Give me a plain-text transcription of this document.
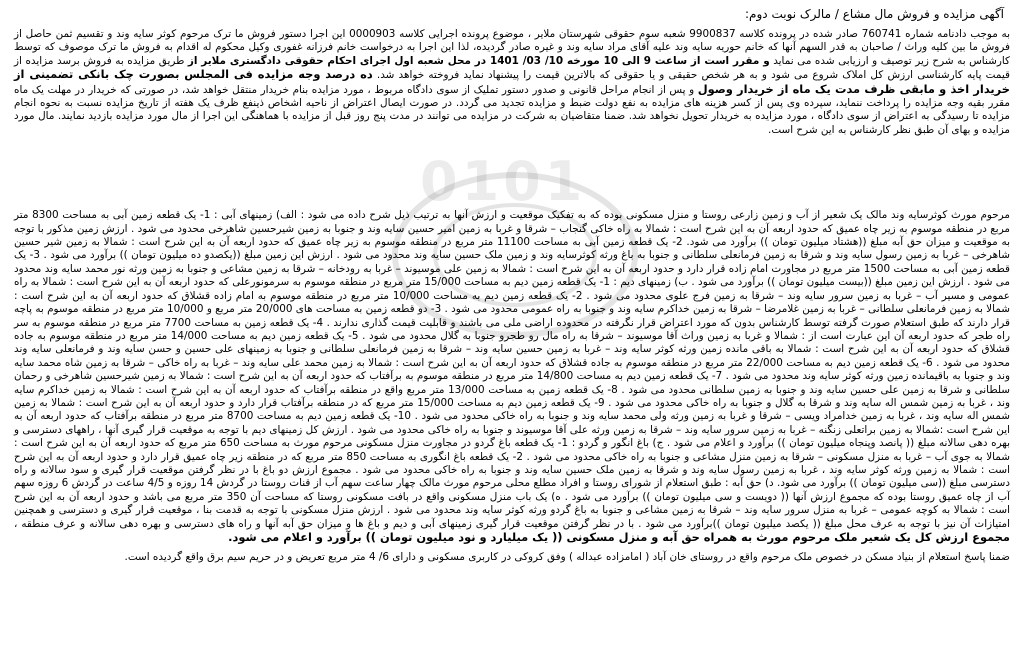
آگهی مزایده و فروش مال مشاع / مالرک نوبت دوم:

به موجب دادنامه شماره 760741 صادر شده در پرونده کلاسه 9900837 شعبه سوم حقوقی شهرستان ملایر ، موضوع پرونده اجرایی کلاسه 0000903 این اجرا دستور فروش ما ترک مرحوم کوثر سایه وند و تقسیم ثمن حاصل از فروش ما بین کلیه وراث / صاحبان به قدر السهم آنها که خانم حوریه سایه وند علیه آقای مراد سایه وند و غیره صادر گردیده، لذا این اجرا به درخواست خانم فرزانه غفوری وکیل محکوم له اقدام به فروش ما ترک موصوف که توسط کارشناس به شرح زیر توصیف و ارزیابی شده می نماید و مقرر است از ساعت 9 الی 10 مورخه 10/ 03/ 1401 در محل شعبه اول اجرای احکام حقوقی دادگستری ملایر از طریق مزایده به فروش برسد مزایده از قیمت پایه کارشناسی ارزش کل املاک شروع می شود و به هر شخص حقیقی و یا حقوقی که بالاترین قیمت را پیشنهاد نماید فروخته خواهد شد. ده درصد وجه مزایده فی المجلس بصورت چک بانکی تضمینی از خریدار اخذ و مابقی ظرف مدت یک ماه از خریدار وصول و پس از انجام مراحل قانونی و صدور دستور تملیک از سوی دادگاه مربوط ، مورد مزایده بنام خریدار منتقل خواهد شد، در صورتی که خریدار در مهلت یک ماه مقرر بقیه وجه مزایده را پرداخت ننماید، سپرده وی پس از کسر هزینه های مزایده به نفع دولت ضبط و مزایده تجدید می گردد. در صورت ایصال اعتراض از ناحیه اشخاص ذینفع ظرف یک هفته از تاریخ مزایده نسبت به نحوه انجام مزایده تا رسیدگی به اعتراض از سوی دادگاه ، مورد مزایده به خریدار تحویل نخواهد شد. ضمنا متقاضیان به شرکت در مزایده می توانند در مدت پنج روز قبل از مزایده با هماهنگی این اجرا از مال مورد مزایده بازدید نمایند. مال مورد مزایده و بهای آن طبق نظر کارشناس به این شرح است.

مرحوم مورث کوثرسایه وند مالک یک شعیر از آب و زمین زارعی روستا و منزل مسکونی بوده که به تفکیک موقعیت و ارزش آنها به ترتیب ذیل شرح داده می شود : الف) زمینهای آبی : 1- یک قطعه زمین آبی به مساحت 8300 متر مربع در منطقه موسوم به زیر چاه عمیق که حدود اربعه آن به این شرح است : شمالا به راه خاکی گنجاب – شرقا و غربا به زمین امیر حسین سایه وند و جنوبا به زمین شیرحسین شاهرخی محدود می شود . ارزش زمین مذکور با توجه به موقعیت و میزان حق آبه مبلغ ((هشتاد میلیون تومان )) برآورد می شود. 2- یک قطعه زمین آبی به مساحت 11100 متر مربع در منطقه موسوم به زیر چاه عمیق که حدود اربعه آن به این شرح است : شمالا به زمین شیر حسین شاهرخی – غربا به زمین رسول سایه وند و شرقا به زمین فرمانعلی سلطانی و جنوبا به باغ ورثه کوثرسایه وند و زمین ملک حسین سایه وند محدود می شود . ارزش این زمین مبلغ ((یکصدو ده میلیون تومان )) برآورد می شود . 3- یک قطعه زمین آبی به مساحت 1500 متر مربع در مجاورت امام زاده قرار دارد و حدود اربعه آن به این شرح است : شمالا به زمین علی موسیوند – غربا به رودخانه – شرقا به زمین مشاعی و جنوبا به زمین ورثه نور محمد سایه وند محدود می شود . ارزش این زمین مبلغ ((بیست میلیون تومان )) برآورد می شود . ب) زمینهای دیم : 1- یک قطعه زمین دیم به مساحت 15/000 متر مربع در منطقه موسوم به سرمونورعلی که حدود اربعه آن به این شرح است : شمالا به راه عمومی و مسیر آب – غربا به زمین سرور سایه وند – شرقا به زمین فرج علوی محدود می شود . 2- یک قطعه زمین دیم به مساحت 10/000 متر مربع در منطقه موسوم به امام زاده قشلاق که حدود اربعه آن به این شرح است : شمالا به زمین فرمانعلی سلطانی – غربا به زمین غلامرضا – شرقا به زمین خداکرم سایه وند و جنوبا به راه عمومی محدود می شود . 3- دو قطعه زمین به مساحت های 20/000 متر مربع و 10/000 متر مربع در منطقه موسوم به پاچه قرار دارند که طبق استعلام صورت گرفته توسط کارشناس بدون که مورد اعتراض قرار نگرفته در محدوده اراضی ملی می باشند و قابلیت قیمت گذاری ندارند . 4- یک قطعه زمین به مساحت 7700 متر مربع در منطقه موسوم به سر راه طجر که حدود اربعه آن این عبارت است از : شمالا و غربا به زمین وراث آقا موسیوند – شرقا به راه مال رو طجرو جنوبا به گلال محدود می شود . 5- یک قطعه زمین دیم به مساحت 14/000 متر مربع در منطقه موسوم به جاده قشلاق که حدود اربعه آن به این شرح است : شمالا به باقی مانده زمین ورثه کوثر سایه وند – غربا به زمین حسین سایه وند – شرقا به زمین فرمانعلی سلطانی و جنوبا به زمینهای علی حسین و حسن سایه وند و فرمانعلی سایه وند محدود می شود . 6- یک قطعه زمین دیم به مساحت 22/000 متر مربع در منطقه موسوم به جاده قشلاق که حدود اربعه آن به این شرح است : شمالا به زمین محمد علی سایه وند – غربا به راه خاکی – شرقا به زمین شاه محمد سایه وند و جنوبا به باقیمانده زمین ورثه کوثر سایه وند محدود می شود . 7- یک قطعه زمین دیم به مساحت 14/800 متر مربع در منطقه موسوم به برآفتاب که حدود اربعه آن به این شرح است : شمالا به زمین شیرحسین شاهرخی و رحمان سلطانی و شرقا به زمین علی حسین سایه وند و جنوبا به زمین سلطانی محدود می شود . 8- یک قطعه زمین به مساحت 13/000 متر مربع واقع در منطقه برآفتاب که حدود اربعه آن به این شرح است : شمالا به زمین خداکرم سایه وند ، غربا به زمین شمس اله سایه وند و شرقا به گلال و جنوبا به راه خاکی محدود می شود . 9- یک قطعه زمین دیم به مساحت 15/000 متر مربع که در منطقه برآفتاب قرار دارد و حدود اربعه آن به این شرح است : شمالا به زمین شمس اله سایه وند ، غربا به زمین خدامراد ویسی – شرقا و غربا به زمین ورثه ولی محمد سایه وند و جنوبا به راه خاکی محدود می شود . 10- یک قطعه زمین دیم به مساحت 8700 متر مربع در منطقه برآفتاب که حدود اربعه آن به این شرح است :شمالا به زمین براتعلی زنگنه – غربا به زمین سرور سایه وند – شرقا به زمین ورثه علی آقا موسیوند و جنوبا به راه خاکی محدود می شود . ارزش کل زمینهای دیم با توجه به موقعیت قرار گیری آنها ، راههای دسترسی و بهره دهی سالانه مبلغ (( پانصد وپنجاه میلیون تومان )) برآورد و اعلام می شود . ج) باغ انگور و گردو : 1- یک قطعه باغ گردو در مجاورت منزل مسکونی مرحوم مورث به مساحت 650 متر مربع که حدود اربعه آن به این شرح است : شمالا به جوی آب – غربا به منزل مسکونی – شرقا به زمین منزل مشاعی و جنوبا به راه خاکی محدود می شود . 2- یک قطعه باغ انگوری به مساحت 850 متر مربع که در منطقه زیر چاه عمیق قرار دارد و حدود اربعه آن به این شرح است : شمالا به زمین ورثه کوثر سایه وند ، غربا به زمین رسول سایه وند و شرقا به زمین ملک حسین سایه وند و جنوبا به راه خاکی محدود می شود . مجموع ارزش دو باغ با در نظر گرفتن موقعیت قرار گیری و سود سالانه و راه دسترسی مبلغ ((سی میلیون تومان )) برآورد می شود. د) حق آبه : طبق استعلام از شورای روستا و افراد مطلع محلی مرحوم مورث مالک چهار ساعت سهم آب از قنات روستا در گردش 14 روزه و 4/5 ساعت در گردش 6 روزه سهم آب از چاه عمیق روستا بوده که مجموع ارزش آنها (( دویست و سی میلیون تومان )) برآورد می شود . ه) یک باب منزل مسکونی واقع در بافت مسکونی روستا که مساحت آن 350 متر مربع می باشد و حدود اربعه آن به این شرح است : شمالا به کوچه عمومی – غربا به منزل سرور سایه وند – شرقا به زمین مشاعی و جنوبا به باغ گردو ورثه کوثر سایه وند محدود می شود . ارزش منزل مسکونی با توجه به قدمت بنا ، موقعیت قرار گیری و دسترسی و همچنین امتیازات آن نیز با توجه به عرف محل مبلغ (( یکصد میلیون تومان ))برآورد می شود . با در نظر گرفتن موقعیت قرار گیری زمینهای آبی و دیم و باغ ها و میزان حق آبه آنها و راه های دسترسی و بهره دهی سالانه و عرف منطقه ، مجموع ارزش کل یک شعیر ملک مرحوم مورث به همراه حق آبه و منزل مسکونی (( یک میلیارد و نود میلیون تومان )) برآورد و اعلام می شود.

ضمنا پاسخ استعلام از بنیاد مسکن در خصوص ملک مرحوم واقع در روستای خان آباد ( امامزاده عبداله ) وفق کروکی در کاربری مسکونی و دارای 6/ 4 متر مربع تعریض و در حریم سیم برق واقع گردیده است.

0101
